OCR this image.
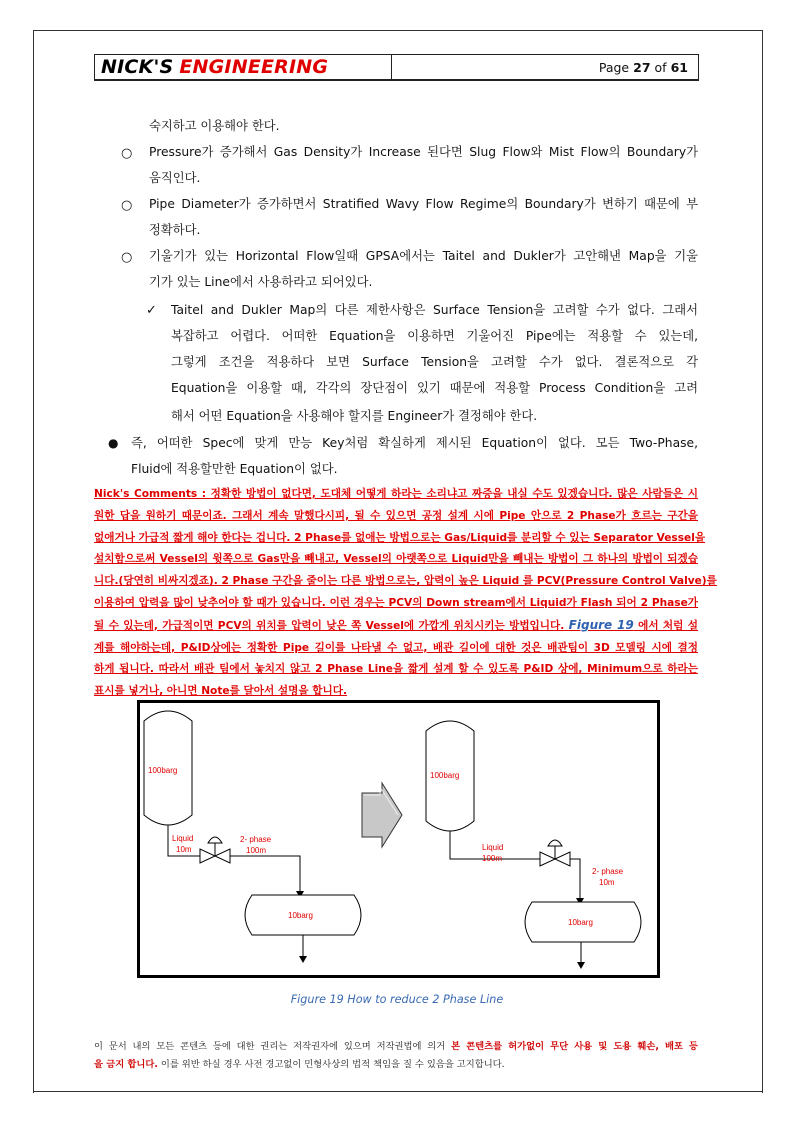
NICK'S ENGINEERING	Page 27 of 61
숙지하고 이용해야 한다.
○ Pressure가 증가해서 Gas Density가 Increase 된다면 Slug Flow와 Mist Flow의 Boundary가
움직인다.
○ Pipe Diameter가 증가하면서 Stratified Wavy Flow Regime의 Boundary가 변하기 때문에 부
정확하다.
○ 기울기가 있는 Horizontal Flow일때 GPSA에서는 Taitel and Dukler가 고안해낸 Map을 기울
기가 있는 Line에서 사용하라고 되어있다.
✓ Taitel and Dukler Map의 다른 제한사항은 Surface Tension을 고려할 수가 없다. 그래서
복잡하고 어렵다. 어떠한 Equation을 이용하면 기울어진 Pipe에는 적용할 수 있는데,
그렇게 조건을 적용하다 보면 Surface Tension을 고려할 수가 없다. 결론적으로 각
Equation을 이용할 때, 각각의 장단점이 있기 때문에 적용할 Process Condition을 고려
해서 어떤 Equation을 사용해야 할지를 Engineer가 결정해야 한다.
● 즉, 어떠한 Spec에 맞게 만능 Key처럼 확실하게 제시된 Equation이 없다. 모든 Two-Phase,
Fluid에 적용할만한 Equation이 없다.
Nick's Comments : 정확한 방법이 없다면, 도대체 어떻게 하라는 소리냐고 짜증을 내실 수도 있겠습니다. 많은 사람들은 시
원한 답을 원하기 때문이죠. 그래서 계속 말했다시피, 될 수 있으면 공정 설계 시에 Pipe 안으로 2 Phase가 흐르는 구간을
없애거나 가급적 짧게 해야 한다는 겁니다. 2 Phase를 없애는 방법으로는 Gas/Liquid를 분리할 수 있는 Separator Vessel을
설치함으로써 Vessel의 윗쪽으로 Gas만을 빼내고, Vessel의 아랫쪽으로 Liquid만을 빼내는 방법이 그 하나의 방법이 되겠습
니다.(당연히 비싸지겠죠). 2 Phase 구간을 줄이는 다른 방법으로는, 압력이 높은 Liquid 를 PCV(Pressure Control Valve)를
이용하여 압력을 많이 낮추어야 할 때가 있습니다. 이런 경우는 PCV의 Down stream에서 Liquid가 Flash 되어 2 Phase가
될 수 있는데, 가급적이면 PCV의 위치를 압력이 낮은 쪽 Vessel에 가깝게 위치시키는 방법입니다. Figure 19 에서 처럼 설
계를 해야하는데, P&ID상에는 정확한 Pipe 길이를 나타낼 수 없고, 배관 길이에 대한 것은 배관팀이 3D 모델링 시에 결정
하게 됩니다. 따라서 배관 팀에서 놓치지 않고 2 Phase Line을 짧게 설계 할 수 있도록 P&ID 상에, Minimum으로 하라는
표시를 넣거나, 아니면 Note를 달아서 설명을 합니다.
100barg
Liquid
10m
2- phase
100m
10barg
100barg
Liquid
100m
2- phase
10m
10barg
Figure 19 How to reduce 2 Phase Line
이 문서 내의 모든 콘텐츠 등에 대한 권리는 저작권자에 있으며 저작권법에 의거 본 콘텐츠를 허가없이 무단 사용 및 도용 훼손, 배포 등
을 금지 합니다. 이를 위반 하실 경우 사전 경고없이 민형사상의 법적 책임을 질 수 있음을 고지합니다.
